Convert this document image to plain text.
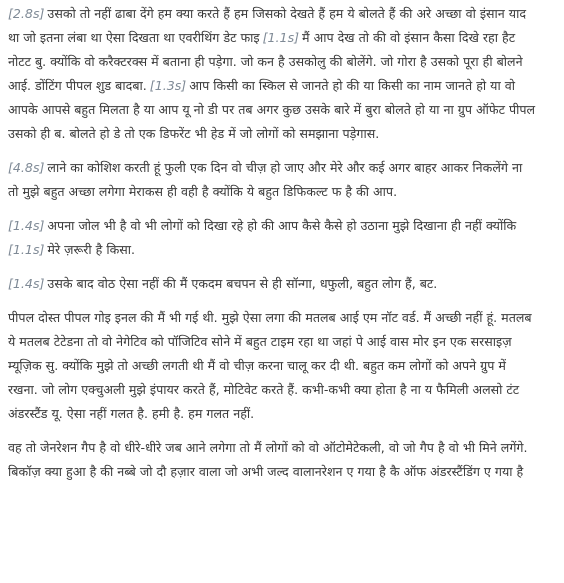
[2.8s] उसको तो नहीं ढाबा देंगे हम क्या करते हैं हम जिसको देखते हैं हम ये बोलते हैं की अरे अच्छा वो इंसान याद
था जो इतना लंबा था ऐसा दिखता था एवरीथिंग डेट फाइ [1.1s] मैं आप देख तो की वो इंसान कैसा दिखे रहा हैट
नोटट बु. क्योंकि वो करैक्टरक्स में बताना ही पड़ेगा. जो कन है उसकोलु की बोलेंगे. जो गोरा है उसको पूरा ही बोलने
आई. डोंटिंग पीपल शुड बादबा. [1.3s] आप किसी का स्किल से जानते हो की या किसी का नाम जानते हो या वो
आपके आपसे बहुत मिलता है या आप यू नो डी पर तब अगर कुछ उसके बारे में बुरा बोलते हो या ना ग्रुप ऑफेट पीपल
उसको ही ब. बोलते हो डे तो एक डिफरेंट भी हेड में जो लोगों को समझाना पड़ेगास.
[4.8s] लाने का कोशिश करती हूं फुली एक दिन वो चीज़ हो जाए और मेरे और कई अगर बाहर आकर निकलेंगे ना
तो मुझे बहुत अच्छा लगेगा मेराकस ही वही है क्योंकि ये बहुत डिफिकल्ट फ है की आप.
[1.4s] अपना जोल भी है वो भी लोगों को दिखा रहे हो की आप कैसे कैसे हो उठाना मुझे दिखाना ही नहीं क्योंकि
[1.1s] मेरे ज़रूरी है किसा.
[1.4s] उसके बाद वोठ ऐसा नहीं की मैं एकदम बचपन से ही सॉन्गा, धफुली, बहुत लोग हैं, बट.
पीपल दोस्त पीपल गोइ इनल की मैं भी गई थी. मुझे ऐसा लगा की मतलब आई एम नॉट वर्ड. मैं अच्छी नहीं हूं. मतलब
ये मतलब टेटेडना तो वो नेगेटिव को पॉजिटिव सोने में बहुत टाइम रहा था जहां पे आई वास मोर इन एक सरसाइज़
म्यूज़िक सु. क्योंकि मुझे तो अच्छी लगती थी मैं वो चीज़ करना चालू कर दी थी. बहुत कम लोगों को अपने ग्रुप में
रखना. जो लोग एक्चुअली मुझे इंपायर करते हैं, मोटिवेट करते हैं. कभी-कभी क्या होता है ना य फैमिली अलसो टंट
अंडरस्टैंड यू. ऐसा नहीं गलत है. हमी है. हम गलत नहीं.
वह तो जेनरेशन गैप है वो धीरे-धीरे जब आने लगेगा तो मैं लोगों को वो ऑटोमेटेकली, वो जो गैप है वो भी मिने लगेंगे.
बिकॉज़ क्या हुआ है की नब्बे जो दौ हज़ार वाला जो अभी जल्द वालानरेशन ए गया है कै ऑफ अंडरस्टैंडिंग ए गया है
